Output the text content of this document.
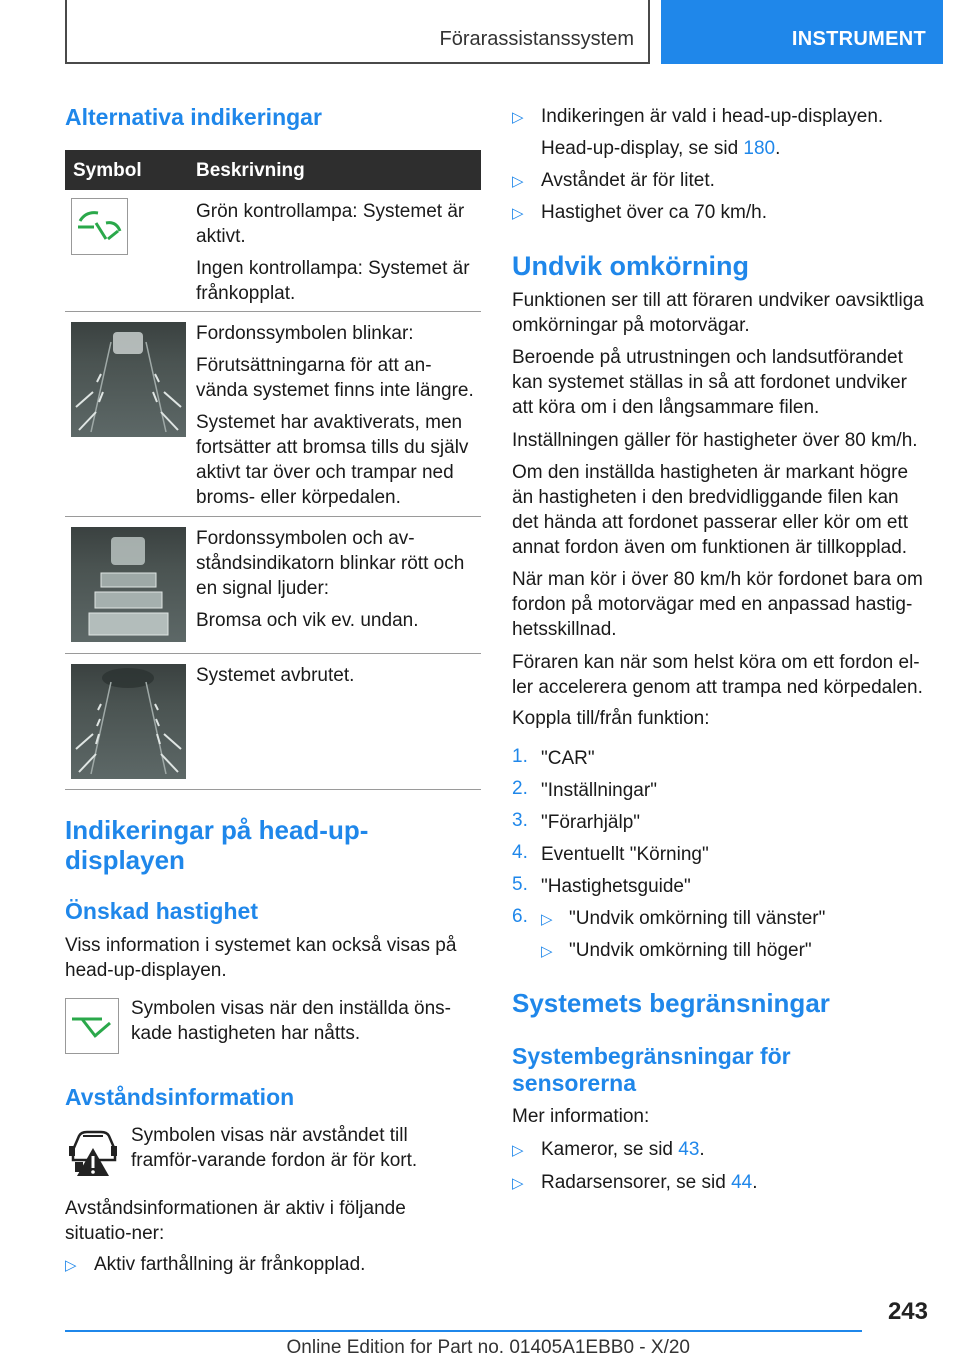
Förarassistanssystem	INSTRUMENT
Alternativa indikeringar
Symbol	Beskrivning

Grön kontrollampa: Systemet är aktivt.

Ingen kontrollampa: Systemet är frånkopplat.

Fordonssymbolen blinkar:

Förutsättningarna för att an-vända systemet finns inte längre.

Systemet har avaktiverats, men fortsätter att bromsa tills du själv aktivt tar över och trampar ned broms- eller körpedalen.

Fordonssymbolen och av-ståndsindikatorn blinkar rött och en signal ljuder:

Bromsa och vik ev. undan.

Systemet avbrutet.

Indikeringar på head-up-displayen
Önskad hastighet
Viss information i systemet kan också visas på head-up-displayen.
Symbolen visas när den inställda öns-kade hastigheten har nåtts.
Avståndsinformation
Symbolen visas när avståndet till framför-varande fordon är för kort.
Avståndsinformationen är aktiv i följande situatio-ner:
▷ Aktiv farthållning är frånkopplad.
▷ Indikeringen är vald i head-up-displayen.
Head-up-display, se sid 180.
▷ Avståndet är för litet.
▷ Hastighet över ca 70 km/h.
Undvik omkörning
Funktionen ser till att föraren undviker oavsiktliga omkörningar på motorvägar.
Beroende på utrustningen och landsutförandet kan systemet ställas in så att fordonet undviker att köra om i den långsammare filen.
Inställningen gäller för hastigheter över 80 km/h.
Om den inställda hastigheten är markant högre än hastigheten i den bredvidliggande filen kan det hända att fordonet passerar eller kör om ett annat fordon även om funktionen är tillkopplad.
När man kör i över 80 km/h kör fordonet bara om fordon på motorvägar med en anpassad hastig-hetsskillnad.
Föraren kan när som helst köra om ett fordon el-ler accelerera genom att trampa ned körpedalen.
Koppla till/från funktion:
1. "CAR"
2. "Inställningar"
3. "Förarhjälp"
4. Eventuellt "Körning"
5. "Hastighetsguide"
6. ▷ "Undvik omkörning till vänster"
▷ "Undvik omkörning till höger"
Systemets begränsningar
Systembegränsningar för sensorerna
Mer information:
▷ Kameror, se sid 43.
▷ Radarsensorer, se sid 44.
243
Online Edition for Part no. 01405A1EBB0 - X/20
